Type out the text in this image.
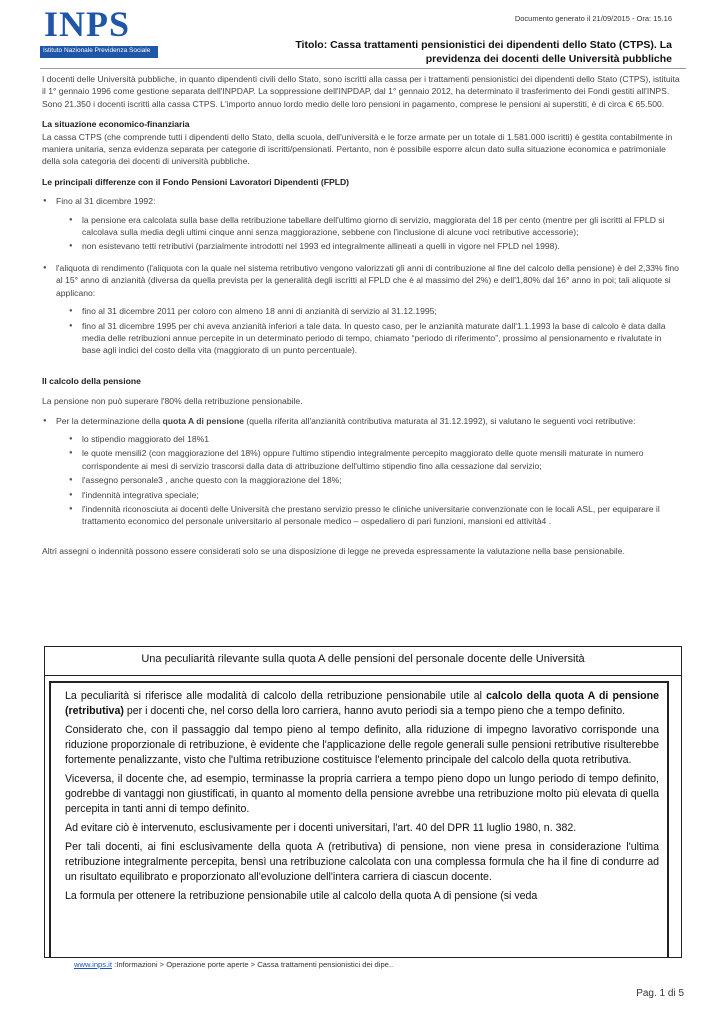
INPS
Istituto Nazionale Previdenza Sociale
Documento generato il 21/09/2015 - Ora: 15.16
Titolo: Cassa trattamenti pensionistici dei dipendenti dello Stato (CTPS). La previdenza dei docenti delle Università pubbliche

I docenti delle Università pubbliche, in quanto dipendenti civili dello Stato, sono iscritti alla cassa per i trattamenti pensionistici dei dipendenti dello Stato (CTPS), istituita il 1° gennaio 1996 come gestione separata dell'INPDAP. La soppressione dell'INPDAP, dal 1° gennaio 2012, ha determinato il trasferimento dei Fondi gestiti all'INPS. Sono 21.350 i docenti iscritti alla cassa CTPS. L'importo annuo lordo medio delle loro pensioni in pagamento, comprese le pensioni ai superstiti, è di circa € 65.500.

La situazione economico-finanziaria

La cassa CTPS (che comprende tutti i dipendenti dello Stato, della scuola, dell'università e le forze armate per un totale di 1.581.000 iscritti) è gestita contabilmente in maniera unitaria, senza evidenza separata per categorie di iscritti/pensionati. Pertanto, non è possibile esporre alcun dato sulla situazione economica e patrimoniale della sola categoria dei docenti di università pubbliche.

Le principali differenze con il Fondo Pensioni Lavoratori Dipendenti (FPLD)

● Fino al 31 dicembre 1992:
● la pensione era calcolata sulla base della retribuzione tabellare dell'ultimo giorno di servizio, maggiorata del 18 per cento (mentre per gli iscritti al FPLD si calcolava sulla media degli ultimi cinque anni senza maggiorazione, sebbene con l'inclusione di alcune voci retributive accessorie);
● non esistevano tetti retributivi (parzialmente introdotti nel 1993 ed integralmente allineati a quelli in vigore nel FPLD nel 1998).
● l'aliquota di rendimento (l'aliquota con la quale nel sistema retributivo vengono valorizzati gli anni di contribuzione al fine del calcolo della pensione) è del 2,33% fino al 15° anno di anzianità (diversa da quella prevista per la generalità degli iscritti al FPLD che è al massimo del 2%) e dell'1,80% dal 16° anno in poi; tali aliquote si applicano:
● fino al 31 dicembre 2011 per coloro con almeno 18 anni di anzianità di servizio al 31.12.1995;
● fino al 31 dicembre 1995 per chi aveva anzianità inferiori a tale data. In questo caso, per le anzianità maturate dall'1.1.1993 la base di calcolo è data dalla media delle retribuzioni annue percepite in un determinato periodo di tempo, chiamato “periodo di riferimento”, prossimo al pensionamento e rivalutate in base agli indici del costo della vita (maggiorato di un punto percentuale).

Il calcolo della pensione

La pensione non può superare l'80% della retribuzione pensionabile.

● Per la determinazione della quota A di pensione (quella riferita all'anzianità contributiva maturata al 31.12.1992), si valutano le seguenti voci retributive:
● lo stipendio maggiorato del 18%1
● le quote mensili2 (con maggiorazione del 18%) oppure l'ultimo stipendio integralmente percepito maggiorato delle quote mensili maturate in numero corrispondente ai mesi di servizio trascorsi dalla data di attribuzione dell'ultimo stipendio fino alla cessazione dal servizio;
● l'assegno personale3 , anche questo con la maggiorazione del 18%;
● l'indennità integrativa speciale;
● l'indennità riconosciuta ai docenti delle Università che prestano servizio presso le cliniche universitarie convenzionate con le locali ASL, per equiparare il trattamento economico del personale universitario al personale medico – ospedaliero di pari funzioni, mansioni ed attività4 .

Altri assegni o indennità possono essere considerati solo se una disposizione di legge ne preveda espressamente la valutazione nella base pensionabile.

Una peculiarità rilevante sulla quota A delle pensioni del personale docente delle Università

La peculiarità si riferisce alle modalità di calcolo della retribuzione pensionabile utile al calcolo della quota A di pensione (retributiva) per i docenti che, nel corso della loro carriera, hanno avuto periodi sia a tempo pieno che a tempo definito.

Considerato che, con il passaggio dal tempo pieno al tempo definito, alla riduzione di impegno lavorativo corrisponde una riduzione proporzionale di retribuzione, è evidente che l'applicazione delle regole generali sulle pensioni retributive risulterebbe fortemente penalizzante, visto che l'ultima retribuzione costituisce l'elemento principale del calcolo della quota retributiva.

Viceversa, il docente che, ad esempio, terminasse la propria carriera a tempo pieno dopo un lungo periodo di tempo definito, godrebbe di vantaggi non giustificati, in quanto al momento della pensione avrebbe una retribuzione molto più elevata di quella percepita in tanti anni di tempo definito.

Ad evitare ciò è intervenuto, esclusivamente per i docenti universitari, l'art. 40 del DPR 11 luglio 1980, n. 382.

Per tali docenti, ai fini esclusivamente della quota A (retributiva) di pensione, non viene presa in considerazione l'ultima retribuzione integralmente percepita, bensì una retribuzione calcolata con una complessa formula che ha il fine di condurre ad un risultato equilibrato e proporzionato all'evoluzione dell'intera carriera di ciascun docente.

La formula per ottenere la retribuzione pensionabile utile al calcolo della quota A di pensione (si veda

www.inps.it :Informazioni > Operazione porte aperte > Cassa trattamenti pensionistici dei dipe..
Pag. 1 di 5
